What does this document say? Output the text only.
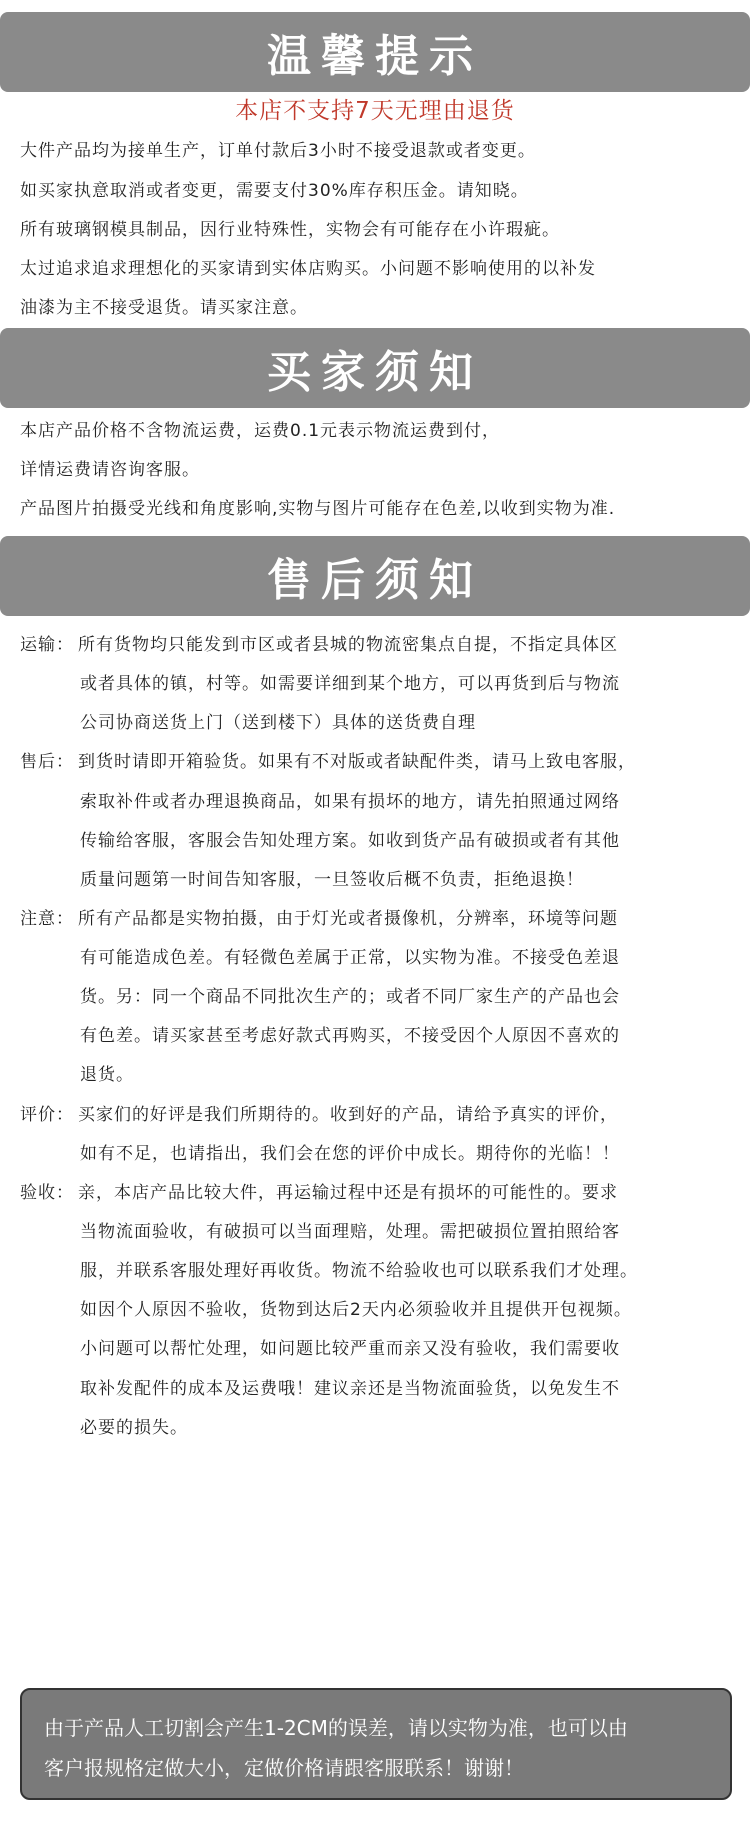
温馨提示
本店不支持7天无理由退货
大件产品均为接单生产，订单付款后3小时不接受退款或者变更。
如买家执意取消或者变更，需要支付30%库存积压金。请知晓。
所有玻璃钢模具制品，因行业特殊性，实物会有可能存在小许瑕疵。
太过追求追求理想化的买家请到实体店购买。小问题不影响使用的以补发
油漆为主不接受退货。请买家注意。
买家须知
本店产品价格不含物流运费，运费0.1元表示物流运费到付，
详情运费请咨询客服。
产品图片拍摄受光线和角度影响,实物与图片可能存在色差,以收到实物为准.
售后须知
运输： 所有货物均只能发到市区或者县城的物流密集点自提，不指定具体区
或者具体的镇，村等。如需要详细到某个地方，可以再货到后与物流
公司协商送货上门（送到楼下）具体的送货费自理
售后： 到货时请即开箱验货。如果有不对版或者缺配件类，请马上致电客服，
索取补件或者办理退换商品，如果有损坏的地方，请先拍照通过网络
传输给客服，客服会告知处理方案。如收到货产品有破损或者有其他
质量问题第一时间告知客服，一旦签收后概不负责，拒绝退换！
注意： 所有产品都是实物拍摄，由于灯光或者摄像机，分辨率，环境等问题
有可能造成色差。有轻微色差属于正常，以实物为准。不接受色差退
货。另：同一个商品不同批次生产的；或者不同厂家生产的产品也会
有色差。请买家甚至考虑好款式再购买，不接受因个人原因不喜欢的
退货。
评价： 买家们的好评是我们所期待的。收到好的产品，请给予真实的评价，
如有不足，也请指出，我们会在您的评价中成长。期待你的光临！！
验收： 亲，本店产品比较大件，再运输过程中还是有损坏的可能性的。要求
当物流面验收，有破损可以当面理赔，处理。需把破损位置拍照给客
服，并联系客服处理好再收货。物流不给验收也可以联系我们才处理。
如因个人原因不验收，货物到达后2天内必须验收并且提供开包视频。
小问题可以帮忙处理，如问题比较严重而亲又没有验收，我们需要收
取补发配件的成本及运费哦！建议亲还是当物流面验货，以免发生不
必要的损失。
由于产品人工切割会产生1-2CM的误差，请以实物为准，也可以由
客户报规格定做大小，定做价格请跟客服联系！谢谢！
